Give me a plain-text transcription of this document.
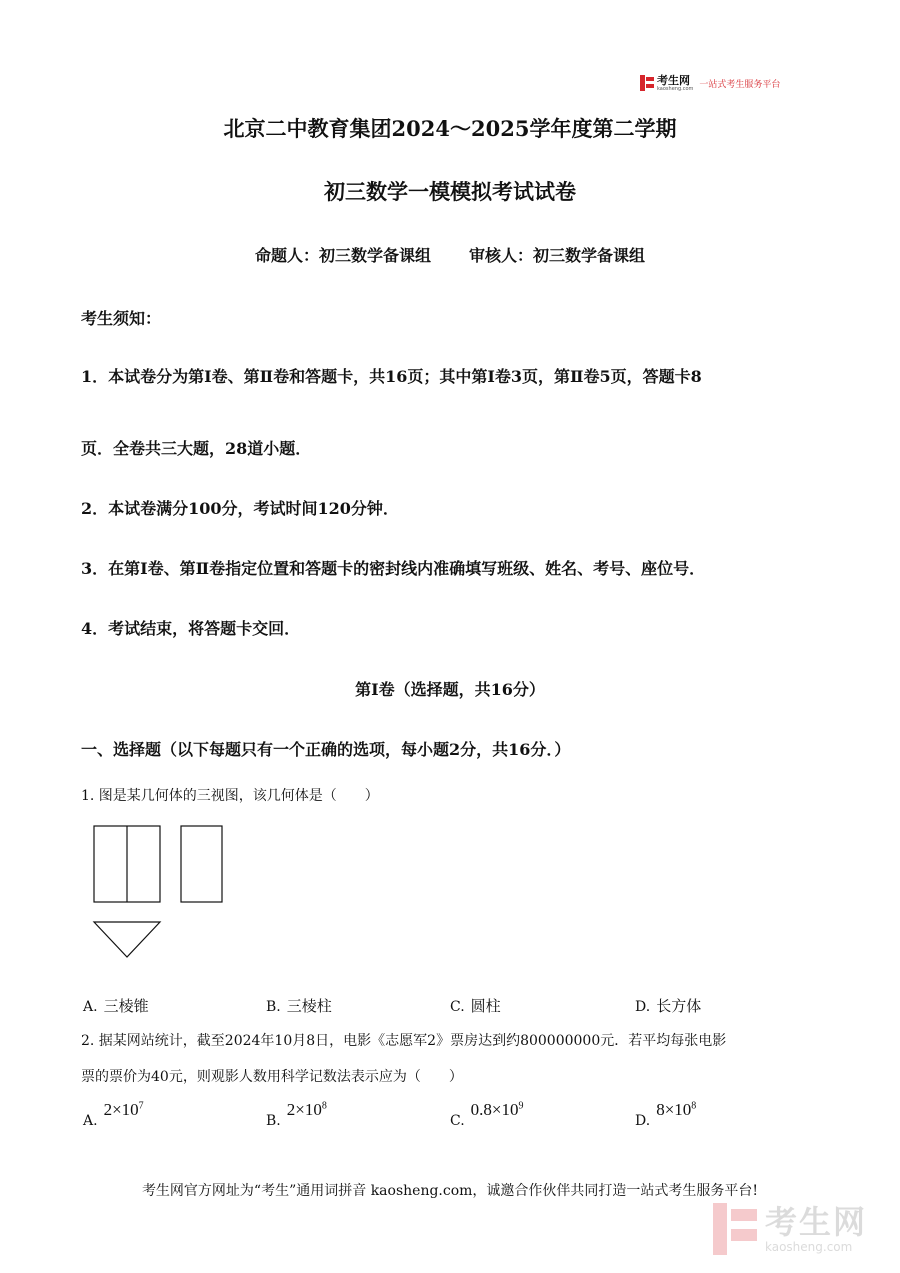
考生网
kaosheng.com 一站式考生服务平台
北京二中教育集团2024～2025学年度第二学期
初三数学一模模拟考试试卷
命题人：初三数学备课组 审核人：初三数学备课组
考生须知：
1．本试卷分为第Ⅰ卷、第Ⅱ卷和答题卡，共16页；其中第Ⅰ卷3页，第Ⅱ卷5页，答题卡8
页．全卷共三大题，28道小题．
2．本试卷满分100分，考试时间120分钟．
3．在第Ⅰ卷、第Ⅱ卷指定位置和答题卡的密封线内准确填写班级、姓名、考号、座位号．
4．考试结束，将答题卡交回．
第Ⅰ卷（选择题，共16分）
一、选择题（以下每题只有一个正确的选项，每小题2分，共16分．）
1. 图是某几何体的三视图，该几何体是（　　）
A. 三棱锥	B. 三棱柱	C. 圆柱	D. 长方体
2. 据某网站统计，截至2024年10月8日，电影《志愿军2》票房达到约800000000元．若平均每张电影
票的票价为40元，则观影人数用科学记数法表示应为（　　）
$A.2\times 10^7$
$B.2\times 10^8$
$C.0.8\times 10^9$
$D.8\times 10^8$
考生网官方网址为“考生”通用词拼音 kaosheng.com，诚邀合作伙伴共同打造一站式考生服务平台!
考生网
kaosheng.com
